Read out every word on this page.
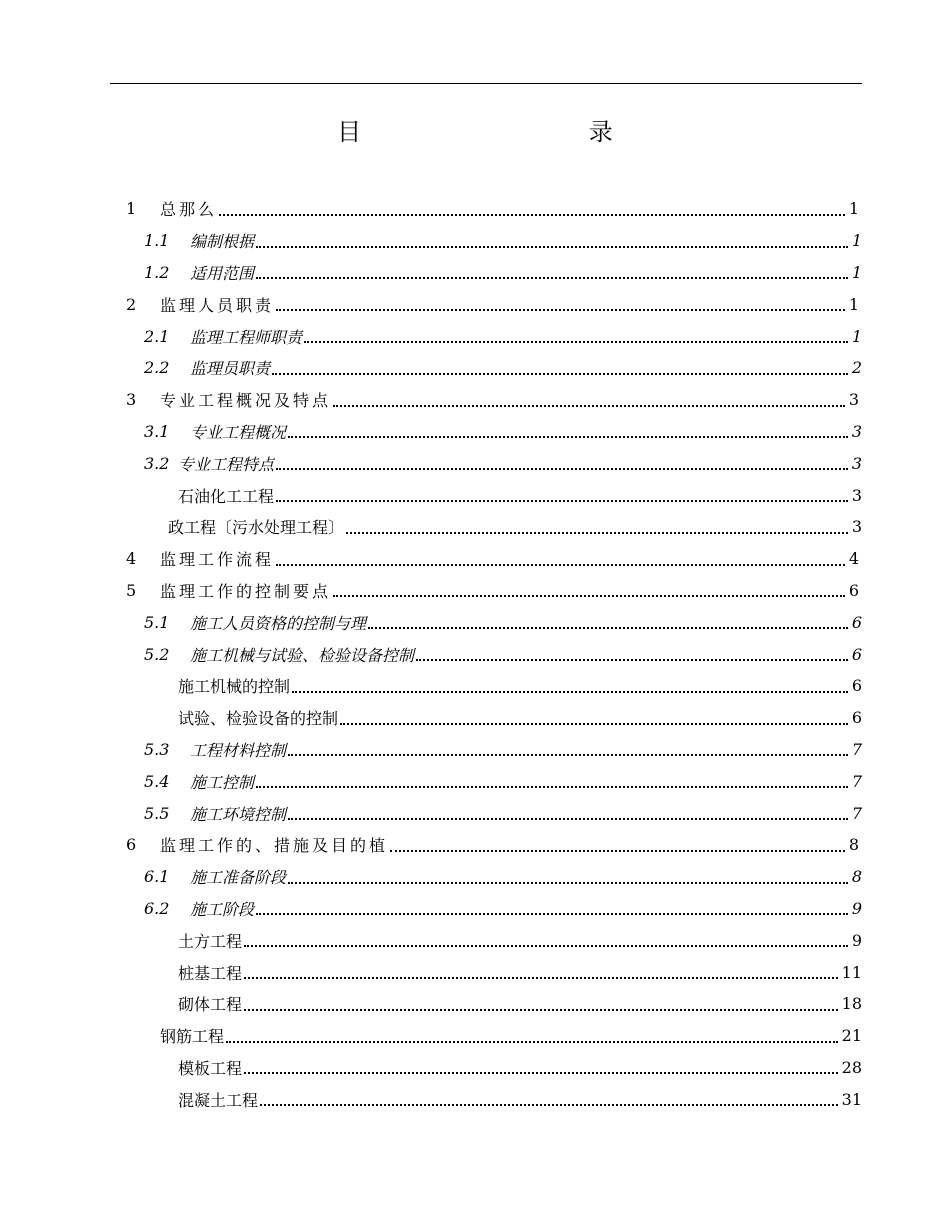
目 录
1	总那么	1
1.1	编制根据	1
1.2	适用范围	1
2	监理人员职责	1
2.1	监理工程师职责	1
2.2	监理员职责	2
3	专业工程概况及特点	3
3.1	专业工程概况	3
3.2 专业工程特点	3
石油化工工程	3
政工程〔污水处理工程〕	3
4	监理工作流程	4
5	监理工作的控制要点	6
5.1	施工人员资格的控制与理	6
5.2	施工机械与试验、检验设备控制	6
施工机械的控制	6
试验、检验设备的控制	6
5.3	工程材料控制	7
5.4	施工控制	7
5.5	施工环境控制	7
6	监理工作的、措施及目的植	8
6.1	施工准备阶段	8
6.2	施工阶段	9
土方工程	9
桩基工程	11
砌体工程	18
钢筋工程	21
模板工程	28
混凝土工程	31
